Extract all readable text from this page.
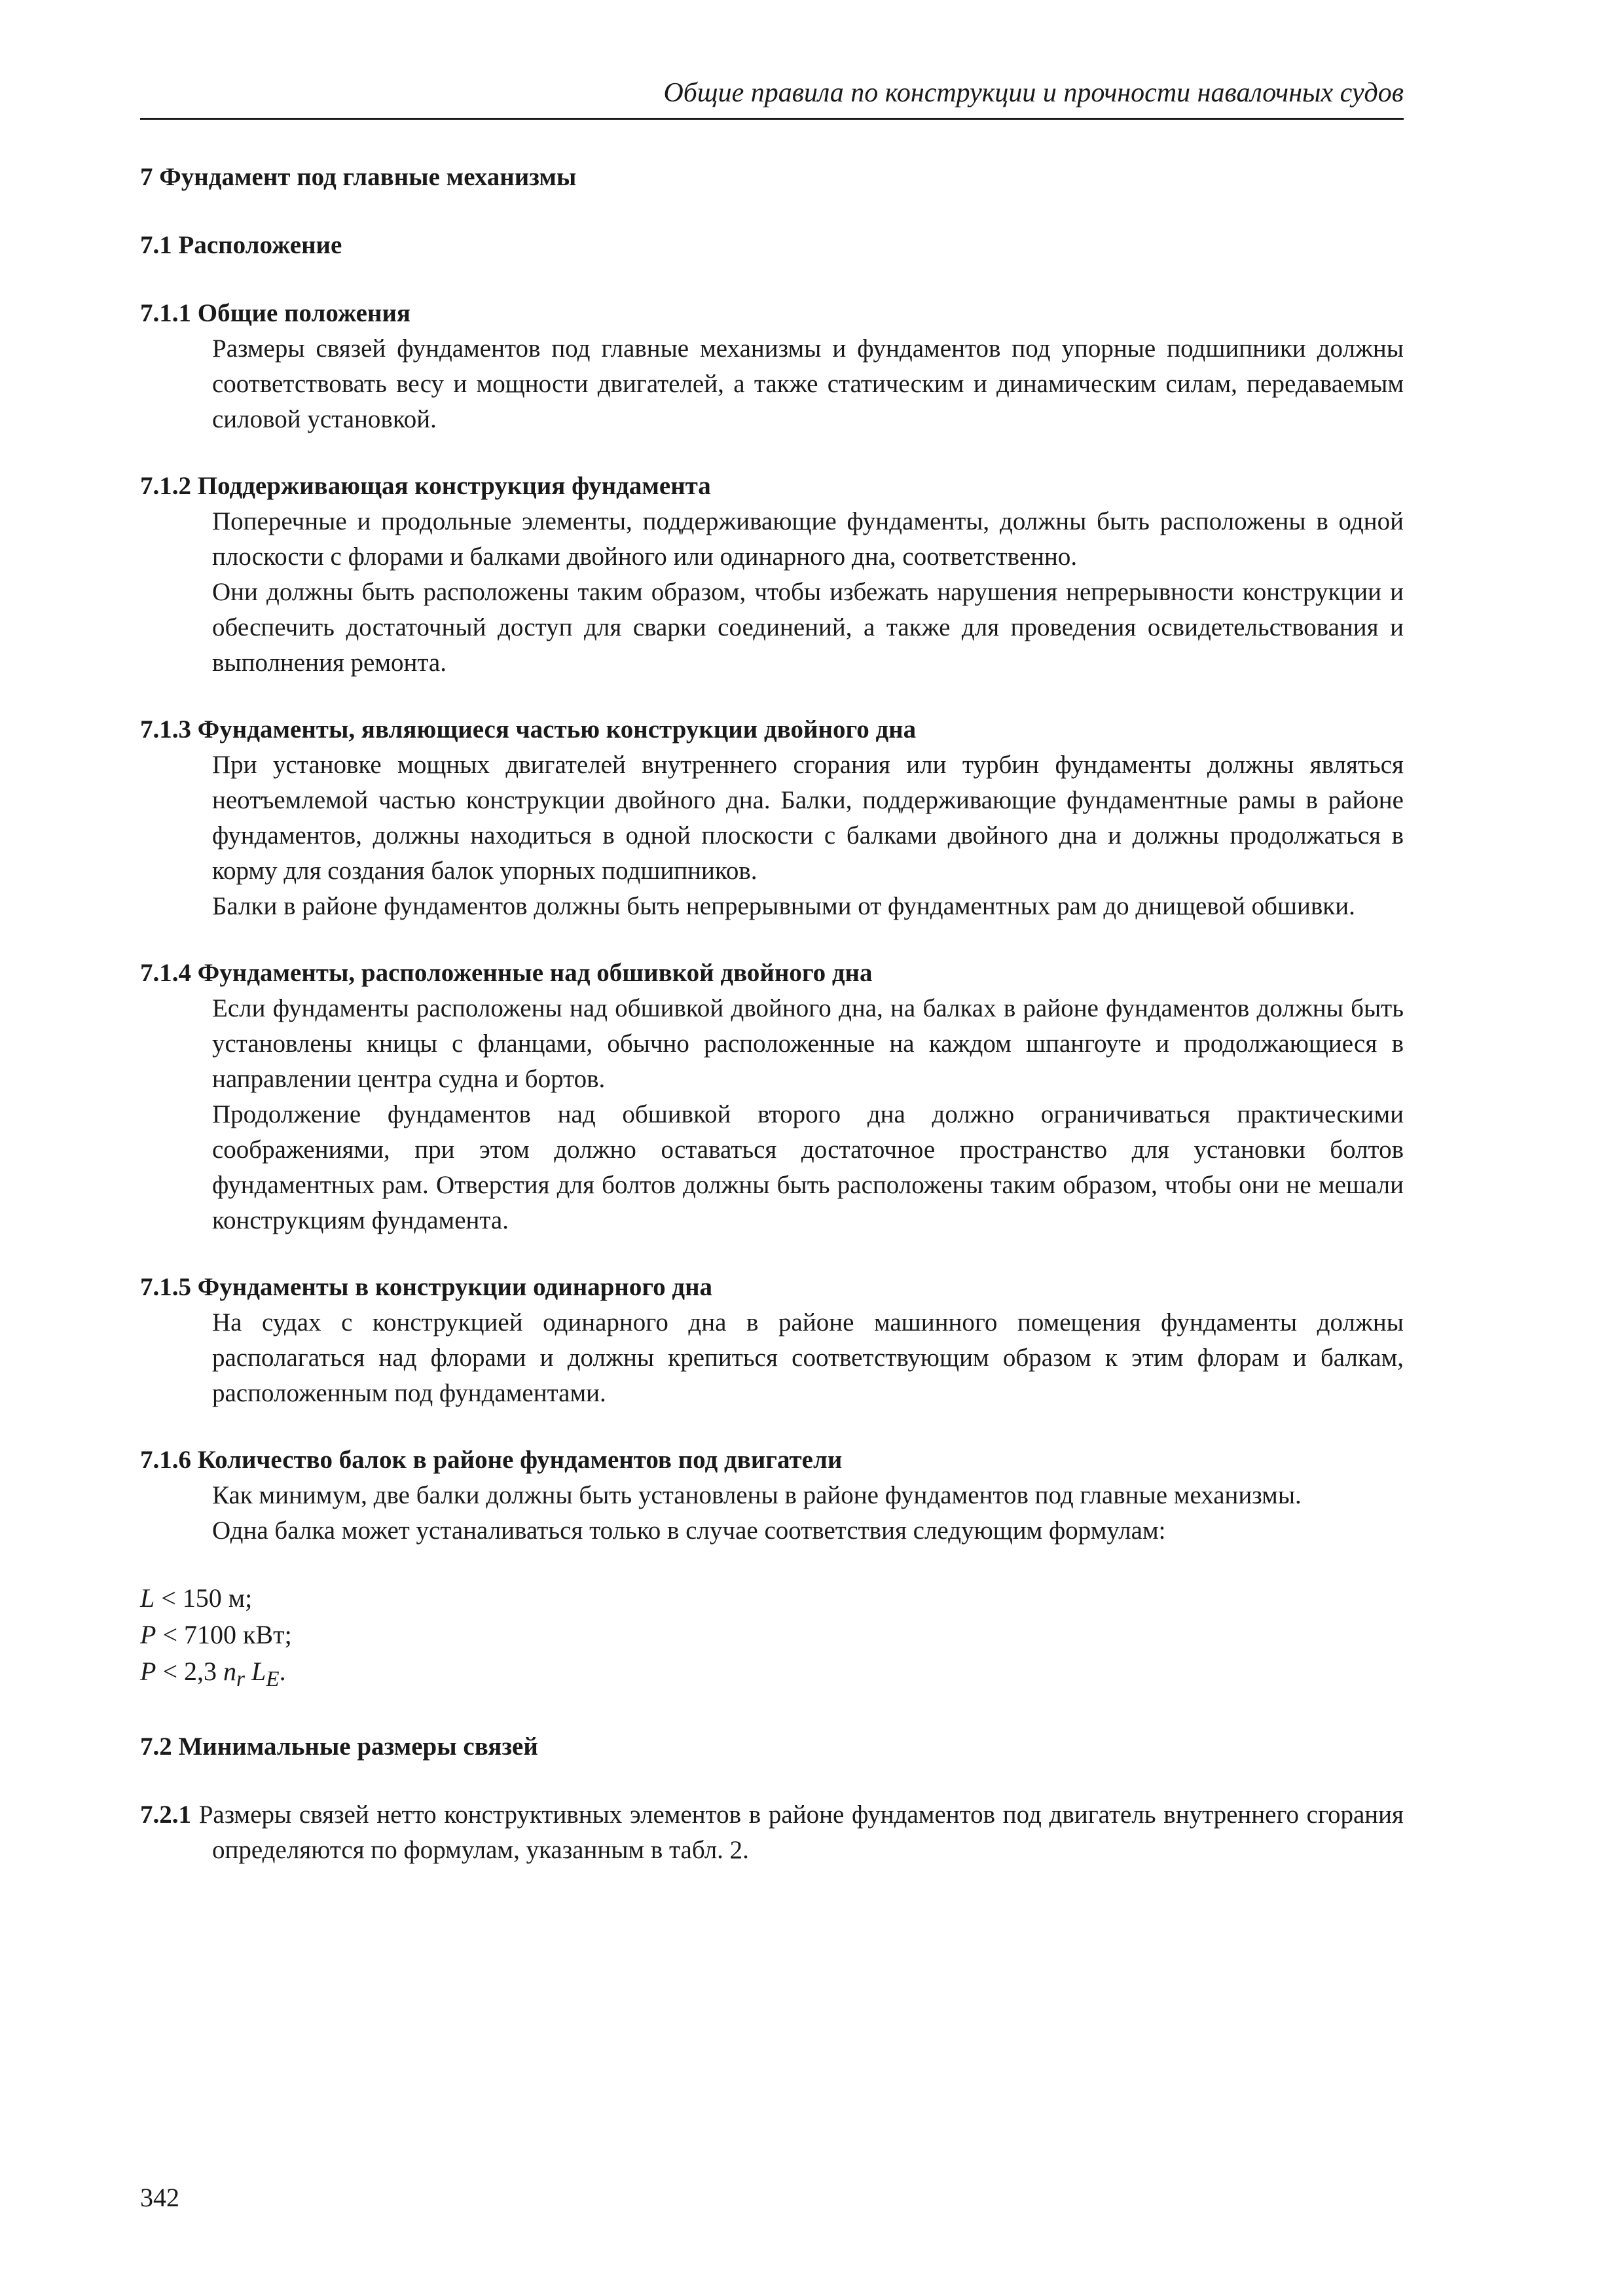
Общие правила по конструкции и прочности навалочных судов

7 Фундамент под главные механизмы

7.1 Расположение

7.1.1 Общие положения

Размеры связей фундаментов под главные механизмы и фундаментов под упорные подшипники должны соответствовать весу и мощности двигателей, а также статическим и динамическим силам, передаваемым силовой установкой.

7.1.2 Поддерживающая конструкция фундамента

Поперечные и продольные элементы, поддерживающие фундаменты, должны быть расположены в одной плоскости с флорами и балками двойного или одинарного дна, соответственно.

Они должны быть расположены таким образом, чтобы избежать нарушения непрерывности конструкции и обеспечить достаточный доступ для сварки соединений, а также для проведения освидетельствования и выполнения ремонта.

7.1.3 Фундаменты, являющиеся частью конструкции двойного дна

При установке мощных двигателей внутреннего сгорания или турбин фундаменты должны являться неотъемлемой частью конструкции двойного дна. Балки, поддерживающие фундаментные рамы в районе фундаментов, должны находиться в одной плоскости с балками двойного дна и должны продолжаться в корму для создания балок упорных подшипников.

Балки в районе фундаментов должны быть непрерывными от фундаментных рам до днищевой обшивки.

7.1.4 Фундаменты, расположенные над обшивкой двойного дна

Если фундаменты расположены над обшивкой двойного дна, на балках в районе фундаментов должны быть установлены кницы с фланцами, обычно расположенные на каждом шпангоуте и продолжающиеся в направлении центра судна и бортов.

Продолжение фундаментов над обшивкой второго дна должно ограничиваться практическими соображениями, при этом должно оставаться достаточное пространство для установки болтов фундаментных рам. Отверстия для болтов должны быть расположены таким образом, чтобы они не мешали конструкциям фундамента.

7.1.5 Фундаменты в конструкции одинарного дна

На судах с конструкцией одинарного дна в районе машинного помещения фундаменты должны располагаться над флорами и должны крепиться соответствующим образом к этим флорам и балкам, расположенным под фундаментами.

7.1.6 Количество балок в районе фундаментов под двигатели

Как минимум, две балки должны быть установлены в районе фундаментов под главные механизмы.

Одна балка может устаналиваться только в случае соответствия следующим формулам:

L < 150 м;

P < 7100 кВт;

P < 2,3 $n_r$ $L_E$.

7.2 Минимальные размеры связей

7.2.1 Размеры связей нетто конструктивных элементов в районе фундаментов под двигатель внутреннего сгорания определяются по формулам, указанным в табл. 2.

342
